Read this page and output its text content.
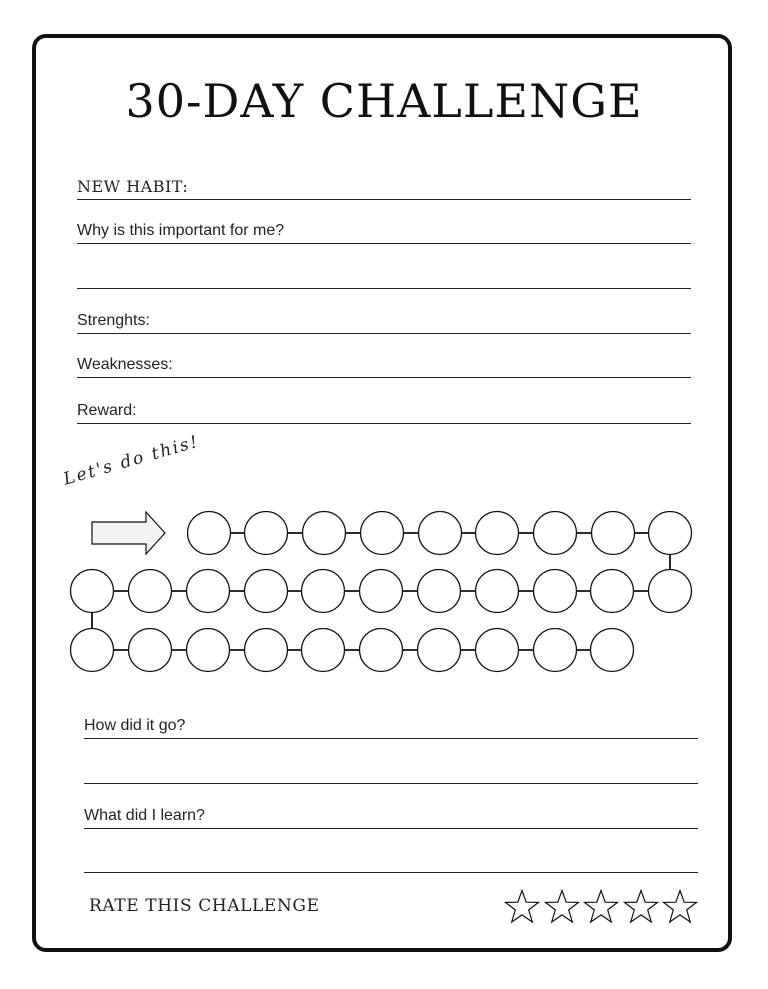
30-DAY CHALLENGE
NEW HABIT:
Why is this important for me?
Strenghts:
Weaknesses:
Reward:
Let's do this!
How did it go?
What did I learn?
RATE THIS CHALLENGE
